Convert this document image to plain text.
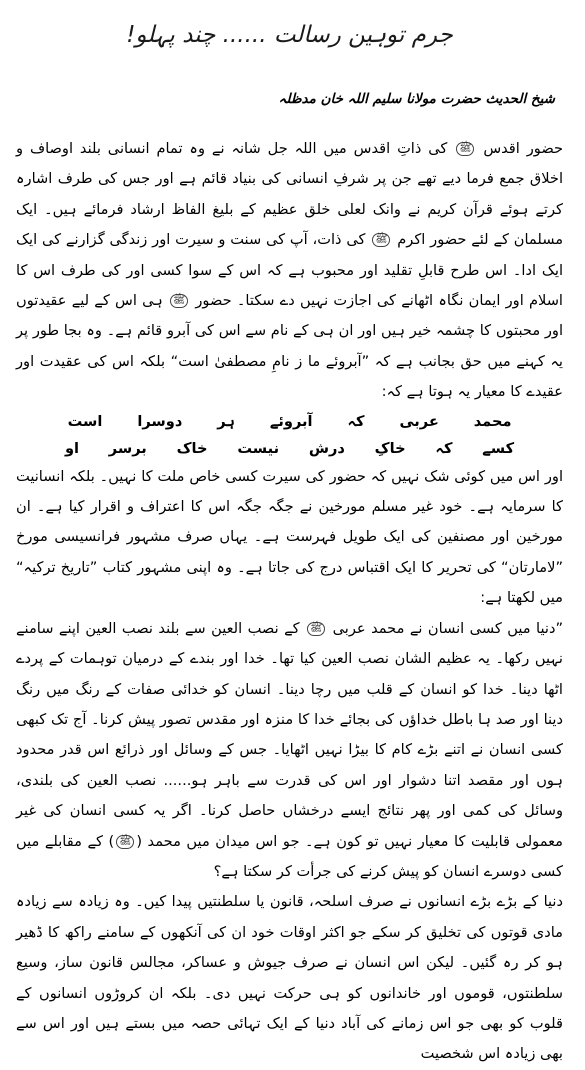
جرم توہین رسالت ...... چند پہلو!
شیخ الحدیث حضرت مولانا سلیم اللہ خان مدظلہ

حضور اقدس ﷺ کی ذاتِ اقدس میں اللہ جل شانہ نے وہ تمام انسانی بلند اوصاف و اخلاق جمع فرما دیے تھے جن پر شرفِ انسانی کی بنیاد قائم ہے اور جس کی طرف اشارہ کرتے ہوئے قرآن کریم نے وانک لعلی خلق عظیم کے بلیغ الفاظ ارشاد فرمائے ہیں۔ ایک مسلمان کے لئے حضور اکرم ﷺ کی ذات، آپ کی سنت و سیرت اور زندگی گزارنے کی ایک ایک ادا۔ اس طرح قابلِ تقلید اور محبوب ہے کہ اس کے سوا کسی اور کی طرف اس کا اسلام اور ایمان نگاہ اٹھانے کی اجازت نہیں دے سکتا۔ حضور ﷺ ہی اس کے لیے عقیدتوں اور محبتوں کا چشمہ خیر ہیں اور ان ہی کے نام سے اس کی آبرو قائم ہے۔ وہ بجا طور پر یہ کہنے میں حق بجانب ہے کہ ”آبروئے ما ز نامِ مصطفیٰ است“ بلکہ اس کی عقیدت اور عقیدے کا معیار یہ ہوتا ہے کہ:

محمد
عربی
کہ
آبروئے
ہر
دوسرا
است
کسے
کہ
خاکِ
درش
نیست
خاک
برسر
او

اور اس میں کوئی شک نہیں کہ حضور کی سیرت کسی خاص ملت کا نہیں۔ بلکہ انسانیت کا سرمایہ ہے۔ خود غیر مسلم مورخین نے جگہ جگہ اس کا اعتراف و اقرار کیا ہے۔ ان مورخین اور مصنفین کی ایک طویل فہرست ہے۔ یہاں صرف مشہور فرانسیسی مورخ ”لامارتان“ کی تحریر کا ایک اقتباس درج کی جاتا ہے۔ وہ اپنی مشہور کتاب ”تاریخ ترکیہ“ میں لکھتا ہے:

”دنیا میں کسی انسان نے محمد عربی ﷺ کے نصب العین سے بلند نصب العین اپنے سامنے نہیں رکھا۔ یہ عظیم الشان نصب العین کیا تھا۔ خدا اور بندے کے درمیان توہمات کے پردے اٹھا دینا۔ خدا کو انسان کے قلب میں رچا دینا۔ انسان کو خدائی صفات کے رنگ میں رنگ دینا اور صد ہا باطل خداؤں کی بجائے خدا کا منزہ اور مقدس تصور پیش کرنا۔ آج تک کبھی کسی انسان نے اتنے بڑے کام کا بیڑا نہیں اٹھایا۔ جس کے وسائل اور ذرائع اس قدر محدود ہوں اور مقصد اتنا دشوار اور اس کی قدرت سے باہر ہو...... نصب العین کی بلندی، وسائل کی کمی اور پھر نتائج ایسے درخشاں حاصل کرنا۔ اگر یہ کسی انسان کی غیر معمولی قابلیت کا معیار نہیں تو کون ہے۔ جو اس میدان میں محمد (ﷺ) کے مقابلے میں کسی دوسرے انسان کو پیش کرنے کی جرأت کر سکتا ہے؟

دنیا کے بڑے بڑے انسانوں نے صرف اسلحہ، قانون یا سلطنتیں پیدا کیں۔ وہ زیادہ سے زیادہ مادی قوتوں کی تخلیق کر سکے جو اکثر اوقات خود ان کی آنکھوں کے سامنے راکھ کا ڈھیر ہو کر رہ گئیں۔ لیکن اس انسان نے صرف جیوش و عساکر، مجالس قانون ساز، وسیع سلطنتوں، قوموں اور خاندانوں کو ہی حرکت نہیں دی۔ بلکہ ان کروڑوں انسانوں کے قلوب کو بھی جو اس زمانے کی آباد دنیا کے ایک تہائی حصہ میں بستے ہیں اور اس سے بھی زیادہ اس شخصیت
